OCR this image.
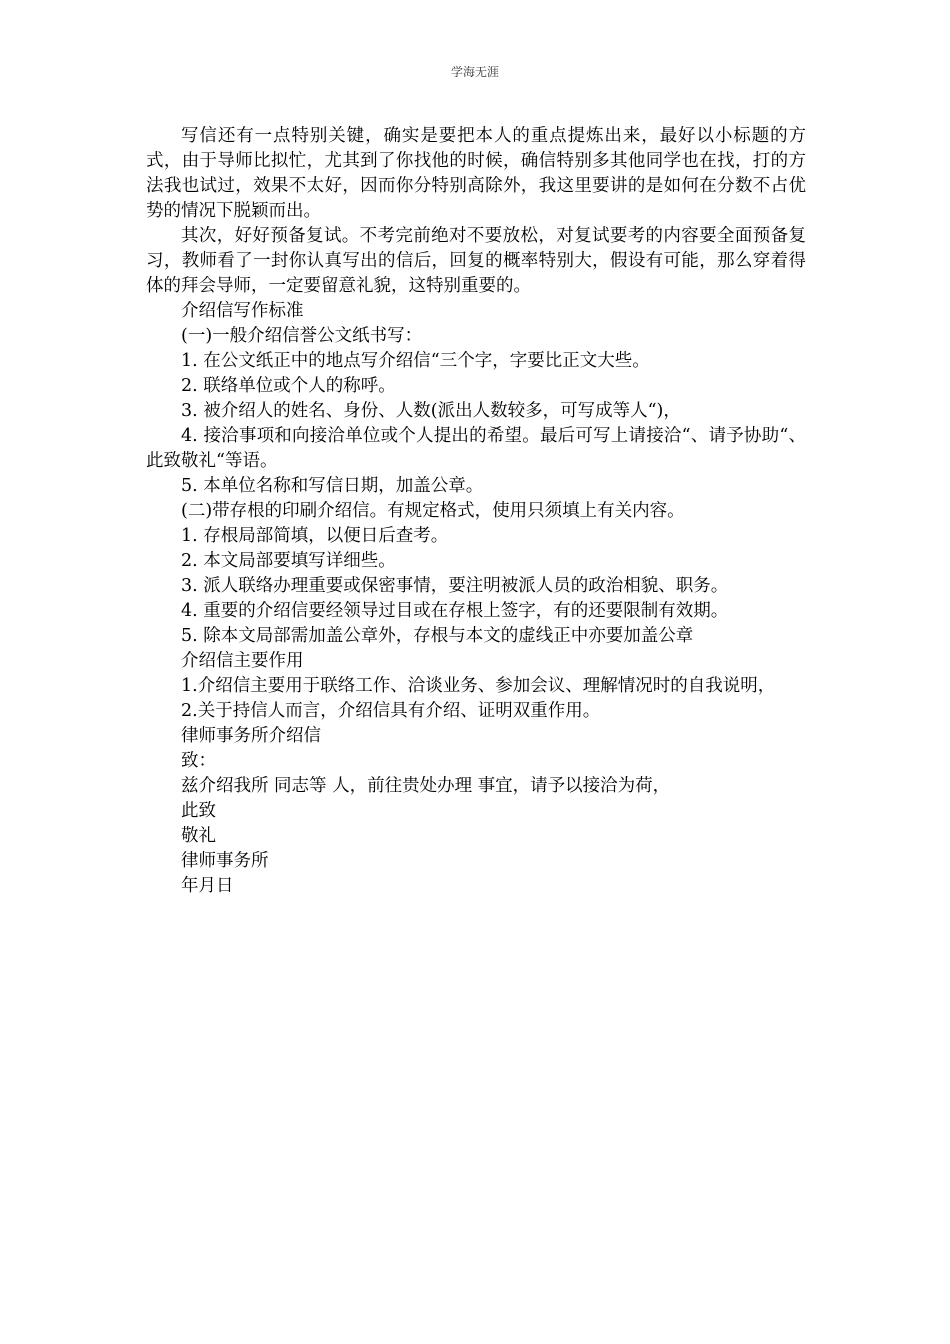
学海无涯

写信还有一点特别关键，确实是要把本人的重点提炼出来，最好以小标题的方式，由于导师比拟忙，尤其到了你找他的时候，确信特别多其他同学也在找，打的方法我也试过，效果不太好，因而你分特别高除外，我这里要讲的是如何在分数不占优势的情况下脱颖而出。

其次，好好预备复试。不考完前绝对不要放松，对复试要考的内容要全面预备复习，教师看了一封你认真写出的信后，回复的概率特别大，假设有可能，那么穿着得体的拜会导师，一定要留意礼貌，这特别重要的。

介绍信写作标准

(一)一般介绍信誉公文纸书写：

1. 在公文纸正中的地点写介绍信“三个字，字要比正文大些。

2. 联络单位或个人的称呼。

3. 被介绍人的姓名、身份、人数(派出人数较多，可写成等人“)，

4. 接洽事项和向接洽单位或个人提出的希望。最后可写上请接洽“、请予协助“、此致敬礼“等语。

5. 本单位名称和写信日期，加盖公章。

(二)带存根的印刷介绍信。有规定格式，使用只须填上有关内容。

1. 存根局部简填，以便日后查考。

2. 本文局部要填写详细些。

3. 派人联络办理重要或保密事情，要注明被派人员的政治相貌、职务。

4. 重要的介绍信要经领导过目或在存根上签字，有的还要限制有效期。

5. 除本文局部需加盖公章外，存根与本文的虚线正中亦要加盖公章

介绍信主要作用

1.介绍信主要用于联络工作、洽谈业务、参加会议、理解情况时的自我说明，

2.关于持信人而言，介绍信具有介绍、证明双重作用。

律师事务所介绍信

致：

兹介绍我所 同志等 人，前往贵处办理 事宜，请予以接洽为荷，

此致

敬礼

律师事务所

年月日
